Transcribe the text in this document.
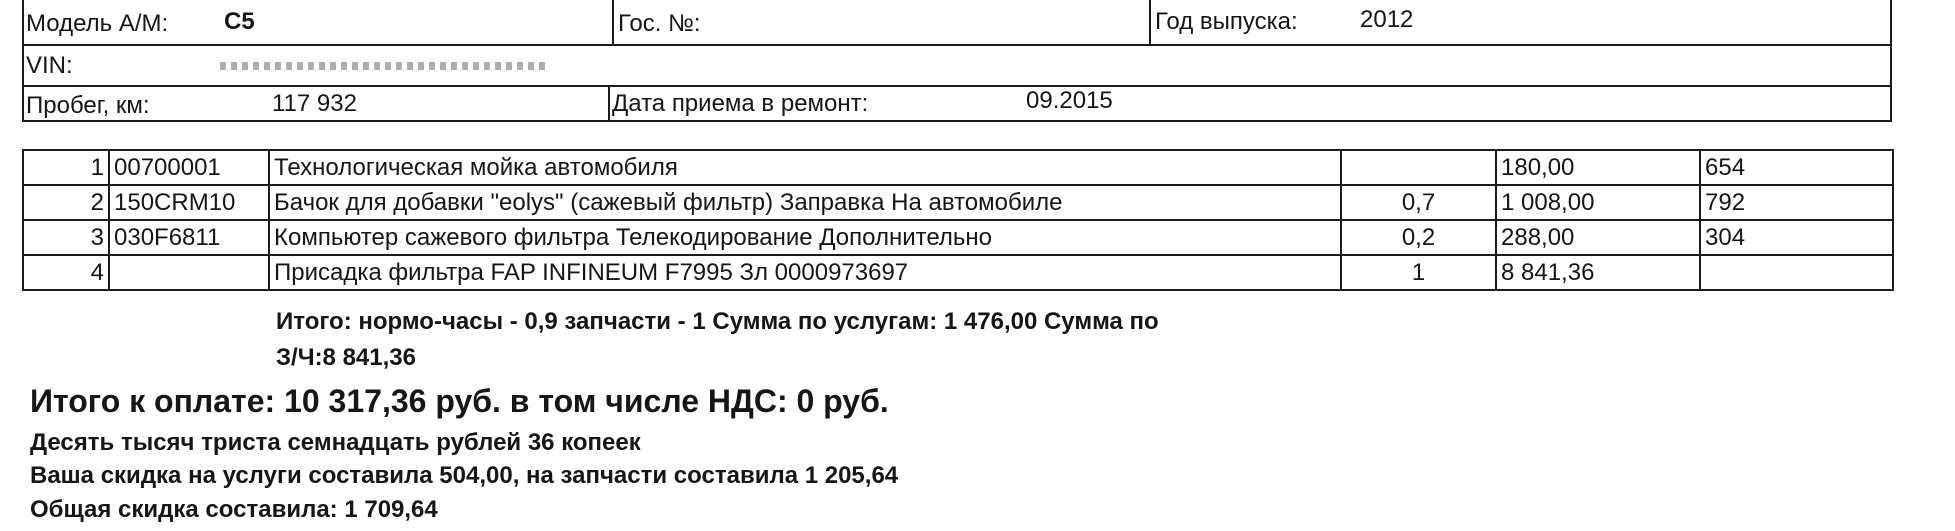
Модель А/М: C5	Гос. №:	Год выпуска:	2012
VIN:
Пробег, км:	117 932	Дата приема в ремонт:	09.2015
1	00700001	Технологическая мойка автомобиля		180,00	654
2	150CRM10	Бачок для добавки "eolys" (сажевый фильтр) Заправка На автомобиле	0,7	1 008,00	792
3	030F6811	Компьютер сажевого фильтра Телекодирование Дополнительно	0,2	288,00	304
4		Присадка фильтра FAP INFINEUM F7995 Зл 0000973697	1	8 841,36	
Итого: нормо-часы - 0,9 запчасти - 1 Сумма по услугам: 1 476,00 Сумма по
З/Ч:8 841,36
Итого к оплате: 10 317,36 руб. в том числе НДС: 0 руб.
Десять тысяч триста семнадцать рублей 36 копеек
Ваша скидка на услуги составила 504,00, на запчасти составила 1 205,64
Общая скидка составила: 1 709,64
